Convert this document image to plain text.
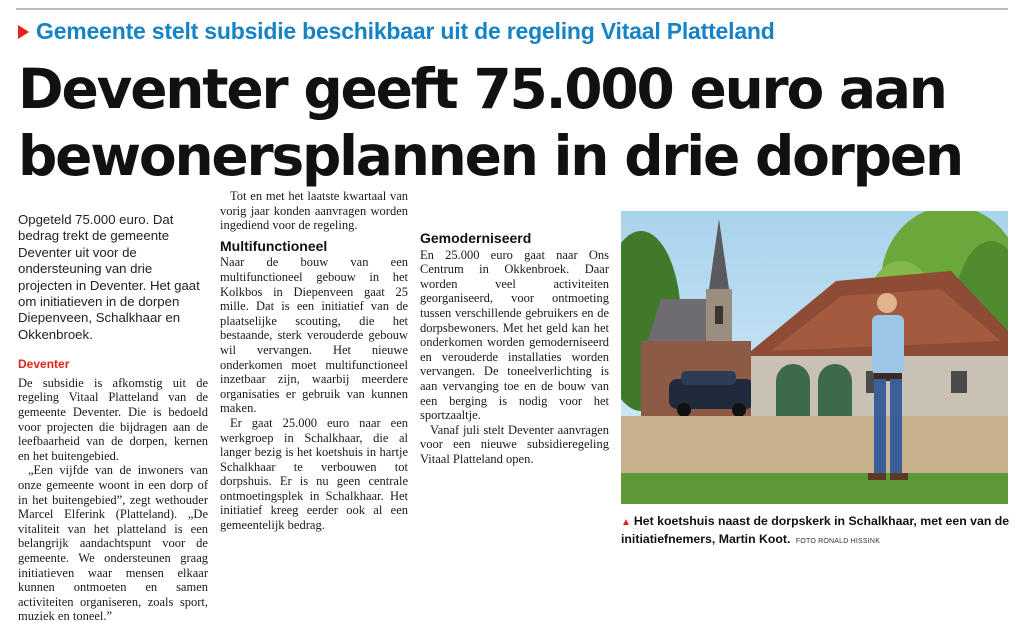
Gemeente stelt subsidie beschikbaar uit de regeling Vitaal Platteland
Deventer geeft 75.000 euro aan
bewonersplannen in drie dorpen

Opgeteld 75.000 euro. Dat bedrag trekt de gemeente Deventer uit voor de ondersteuning van drie projecten in Deventer. Het gaat om initiatieven in de dorpen Diepenveen, Schalkhaar en Okkenbroek.

Deventer

De subsidie is afkomstig uit de regeling Vitaal Platteland van de gemeente Deventer. Die is bedoeld voor projecten die bijdragen aan de leefbaarheid van de dorpen, kernen en het buitengebied.

„Een vijfde van de inwoners van onze gemeente woont in een dorp of in het buitengebied”, zegt wethouder Marcel Elferink (Platteland). „De vitaliteit van het platteland is een belangrijk aandachtspunt voor de gemeente. We ondersteunen graag initiatieven waar mensen elkaar kunnen ontmoeten en samen activiteiten organiseren, zoals sport, muziek en toneel.”

Tot en met het laatste kwartaal van vorig jaar konden aanvragen worden ingediend voor de regeling.

Multifunctioneel

Naar de bouw van een multifunctioneel gebouw in het Kolkbos in Diepenveen gaat 25 mille. Dat is een initiatief van de plaatselijke scouting, die het bestaande, sterk verouderde gebouw wil vervangen. Het nieuwe onderkomen moet multifunctioneel inzetbaar zijn, waarbij meerdere organisaties er gebruik van kunnen maken.

Er gaat 25.000 euro naar een werkgroep in Schalkhaar, die al langer bezig is het koetshuis in hartje Schalkhaar te verbouwen tot dorpshuis. Er is nu geen centrale ontmoetingsplek in Schalkhaar. Het initiatief kreeg eerder ook al een gemeentelijk bedrag.

Gemoderniseerd

En 25.000 euro gaat naar Ons Centrum in Okkenbroek. Daar worden veel activiteiten georganiseerd, voor ontmoeting tussen verschillende gebruikers en de dorpsbewoners. Met het geld kan het onderkomen worden gemoderniseerd en verouderde installaties worden vervangen. De toneelverlichting is aan vervanging toe en de bouw van een berging is nodig voor het sportzaaltje.

Vanaf juli stelt Deventer aanvragen voor een nieuwe subsidieregeling Vitaal Platteland open.

▲ Het koetshuis naast de dorpskerk in Schalkhaar, met een van de initiatiefnemers, Martin Koot. FOTO RONALD HISSINK
